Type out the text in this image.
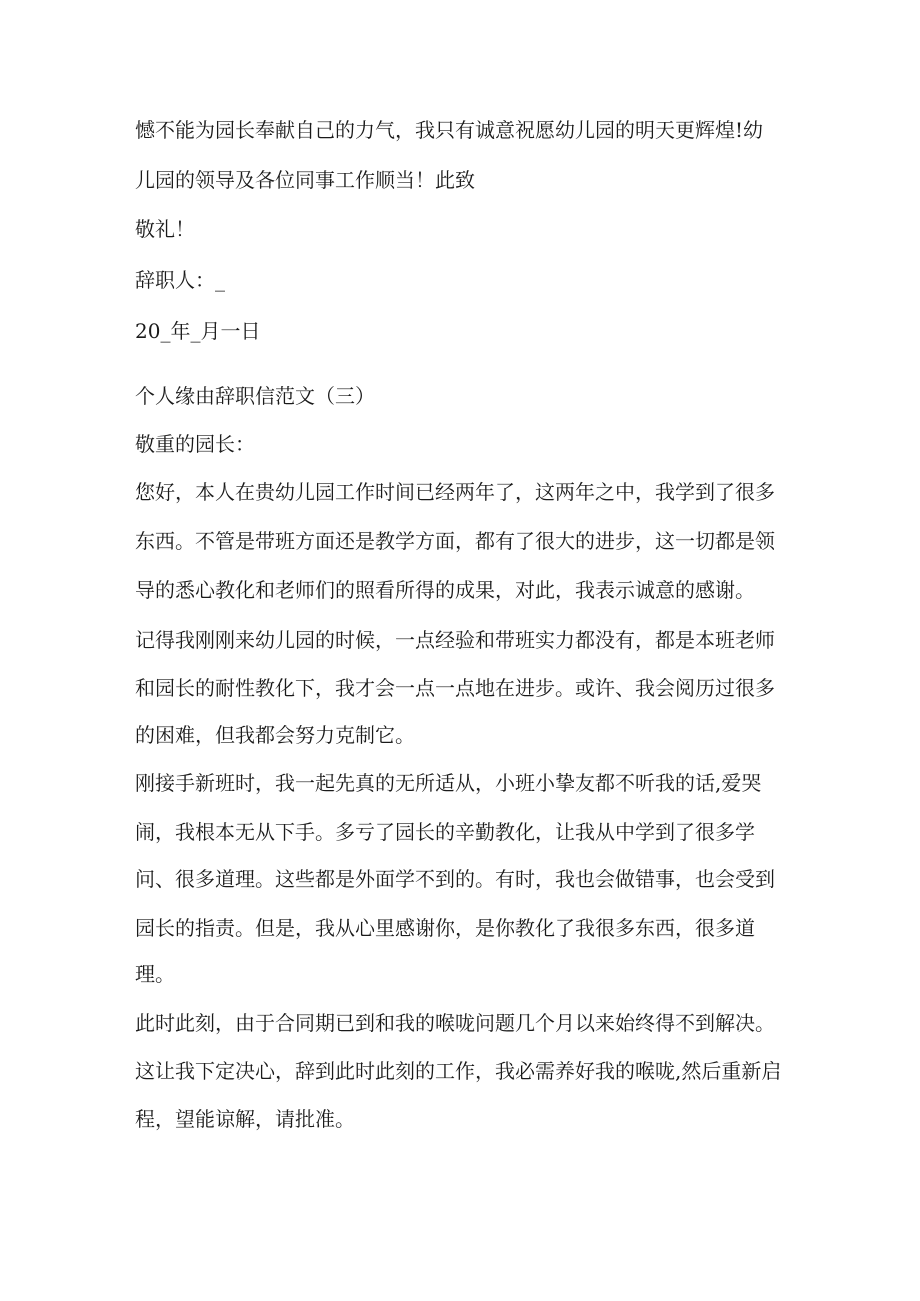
憾不能为园长奉献自己的力气，我只有诚意祝愿幼儿园的明天更辉煌!幼

儿园的领导及各位同事工作顺当！此致

敬礼！

辞职人：_

20_年_月一日

个人缘由辞职信范文（三）

敬重的园长：

您好，本人在贵幼儿园工作时间已经两年了，这两年之中，我学到了很多

东西。不管是带班方面还是教学方面，都有了很大的进步，这一切都是领

导的悉心教化和老师们的照看所得的成果，对此，我表示诚意的感谢。

记得我刚刚来幼儿园的时候，一点经验和带班实力都没有，都是本班老师

和园长的耐性教化下，我才会一点一点地在进步。或许、我会阅历过很多

的困难，但我都会努力克制它。

刚接手新班时，我一起先真的无所适从，小班小挚友都不听我的话,爱哭

闹，我根本无从下手。多亏了园长的辛勤教化，让我从中学到了很多学

问、很多道理。这些都是外面学不到的。有时，我也会做错事，也会受到

园长的指责。但是，我从心里感谢你，是你教化了我很多东西，很多道

理。

此时此刻，由于合同期已到和我的喉咙问题几个月以来始终得不到解决。

这让我下定决心，辞到此时此刻的工作，我必需养好我的喉咙,然后重新启

程，望能谅解，请批准。
